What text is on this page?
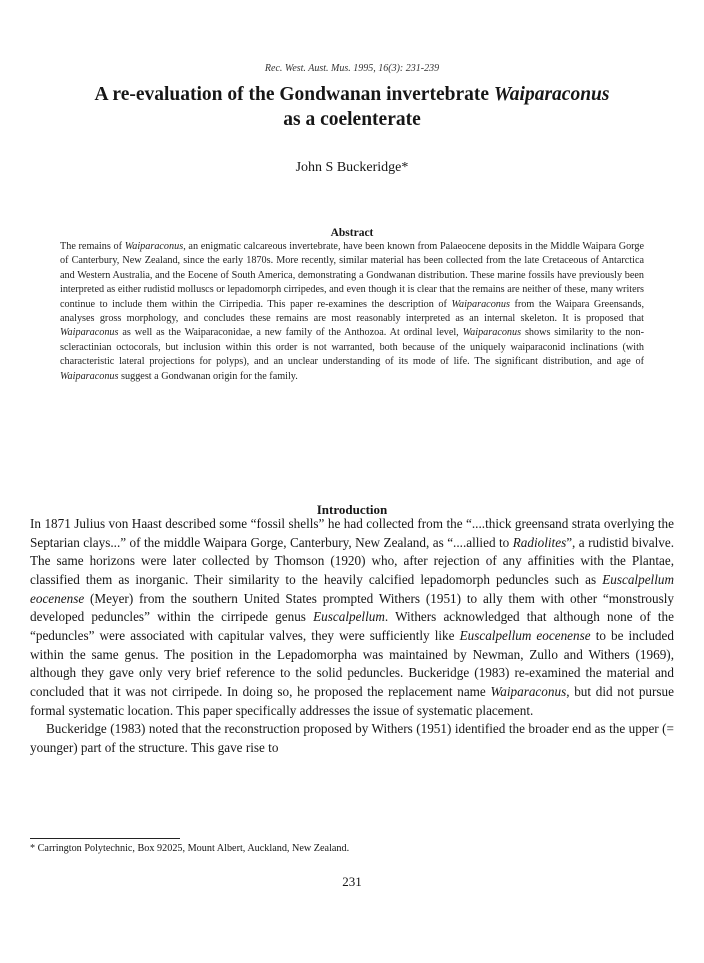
Rec. West. Aust. Mus. 1995, 16(3): 231-239
A re-evaluation of the Gondwanan invertebrate Waiparaconus
as a coelenterate
John S Buckeridge*
Abstract

The remains of Waiparaconus, an enigmatic calcareous invertebrate, have been known from Palaeocene deposits in the Middle Waipara Gorge of Canterbury, New Zealand, since the early 1870s. More recently, similar material has been collected from the late Cretaceous of Antarctica and Western Australia, and the Eocene of South America, demonstrating a Gondwanan distribution. These marine fossils have previously been interpreted as either rudistid molluscs or lepadomorph cirripedes, and even though it is clear that the remains are neither of these, many writers continue to include them within the Cirripedia. This paper re-examines the description of Waiparaconus from the Waipara Greensands, analyses gross morphology, and concludes these remains are most reasonably interpreted as an internal skeleton. It is proposed that Waiparaconus as well as the Waiparaconidae, a new family of the Anthozoa. At ordinal level, Waiparaconus shows similarity to the non-scleractinian octocorals, but inclusion within this order is not warranted, both because of the uniquely waiparaconid inclinations (with characteristic lateral projections for polyps), and an unclear understanding of its mode of life. The significant distribution, and age of Waiparaconus suggest a Gondwanan origin for the family.

Introduction

In 1871 Julius von Haast described some “fossil shells” he had collected from the “....thick greensand strata overlying the Septarian clays...” of the middle Waipara Gorge, Canterbury, New Zealand, as “....allied to Radiolites”, a rudistid bivalve. The same horizons were later collected by Thomson (1920) who, after rejection of any affinities with the Plantae, classified them as inorganic. Their similarity to the heavily calcified lepadomorph peduncles such as Euscalpellum eocenense (Meyer) from the southern United States prompted Withers (1951) to ally them with other “monstrously developed peduncles” within the cirripede genus Euscalpellum. Withers acknowledged that although none of the “peduncles” were associated with capitular valves, they were sufficiently like Euscalpellum eocenense to be included within the same genus. The position in the Lepadomorpha was maintained by Newman, Zullo and Withers (1969), although they gave only very brief reference to the solid peduncles. Buckeridge (1983) re-examined the material and concluded that it was not cirripede. In doing so, he proposed the replacement name Waiparaconus, but did not pursue formal systematic location. This paper specifically addresses the issue of systematic placement.

Buckeridge (1983) noted that the reconstruction proposed by Withers (1951) identified the broader end as the upper (= younger) part of the structure. This gave rise to

* Carrington Polytechnic, Box 92025, Mount Albert, Auckland, New Zealand.
231
